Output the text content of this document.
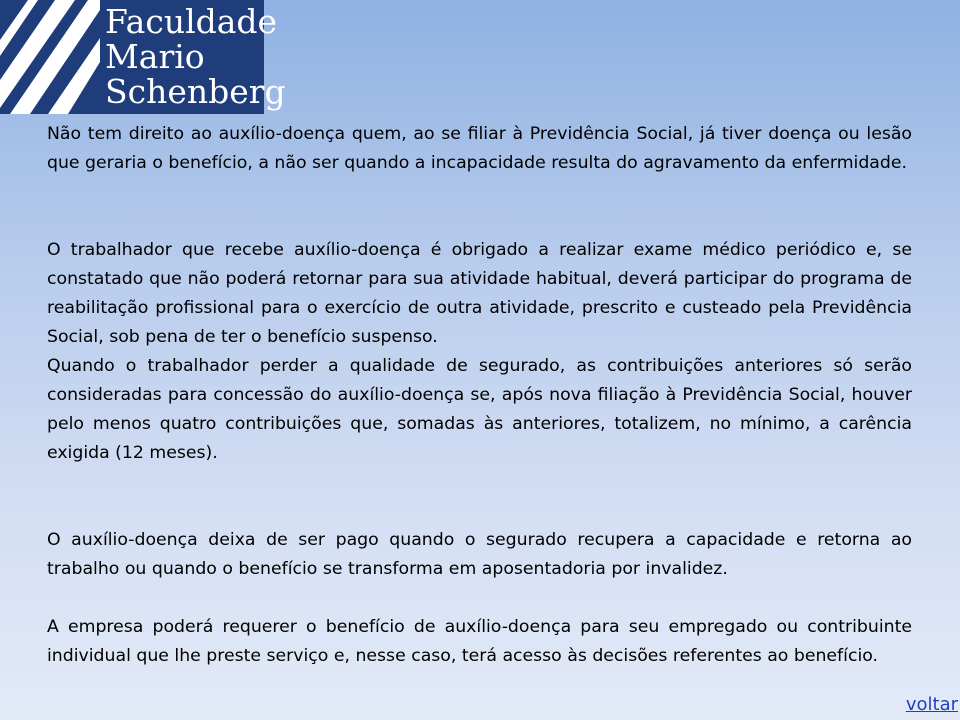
Faculdade
Mario
Schenberg

Não tem direito ao auxílio-doença quem, ao se filiar à Previdência Social, já tiver doença ou lesão que geraria o benefício, a não ser quando a incapacidade resulta do agravamento da enfermidade.

O trabalhador que recebe auxílio-doença é obrigado a realizar exame médico periódico e, se constatado que não poderá retornar para sua atividade habitual, deverá participar do programa de reabilitação profissional para o exercício de outra atividade, prescrito e custeado pela Previdência Social, sob pena de ter o benefício suspenso.

Quando o trabalhador perder a qualidade de segurado, as contribuições anteriores só serão consideradas para concessão do auxílio-doença se, após nova filiação à Previdência Social, houver pelo menos quatro contribuições que, somadas às anteriores, totalizem, no mínimo, a carência exigida (12 meses).

O auxílio-doença deixa de ser pago quando o segurado recupera a capacidade e retorna ao trabalho ou quando o benefício se transforma em aposentadoria por invalidez.

A empresa poderá requerer o benefício de auxílio-doença para seu empregado ou contribuinte individual que lhe preste serviço e, nesse caso, terá acesso às decisões referentes ao benefício.

voltar
